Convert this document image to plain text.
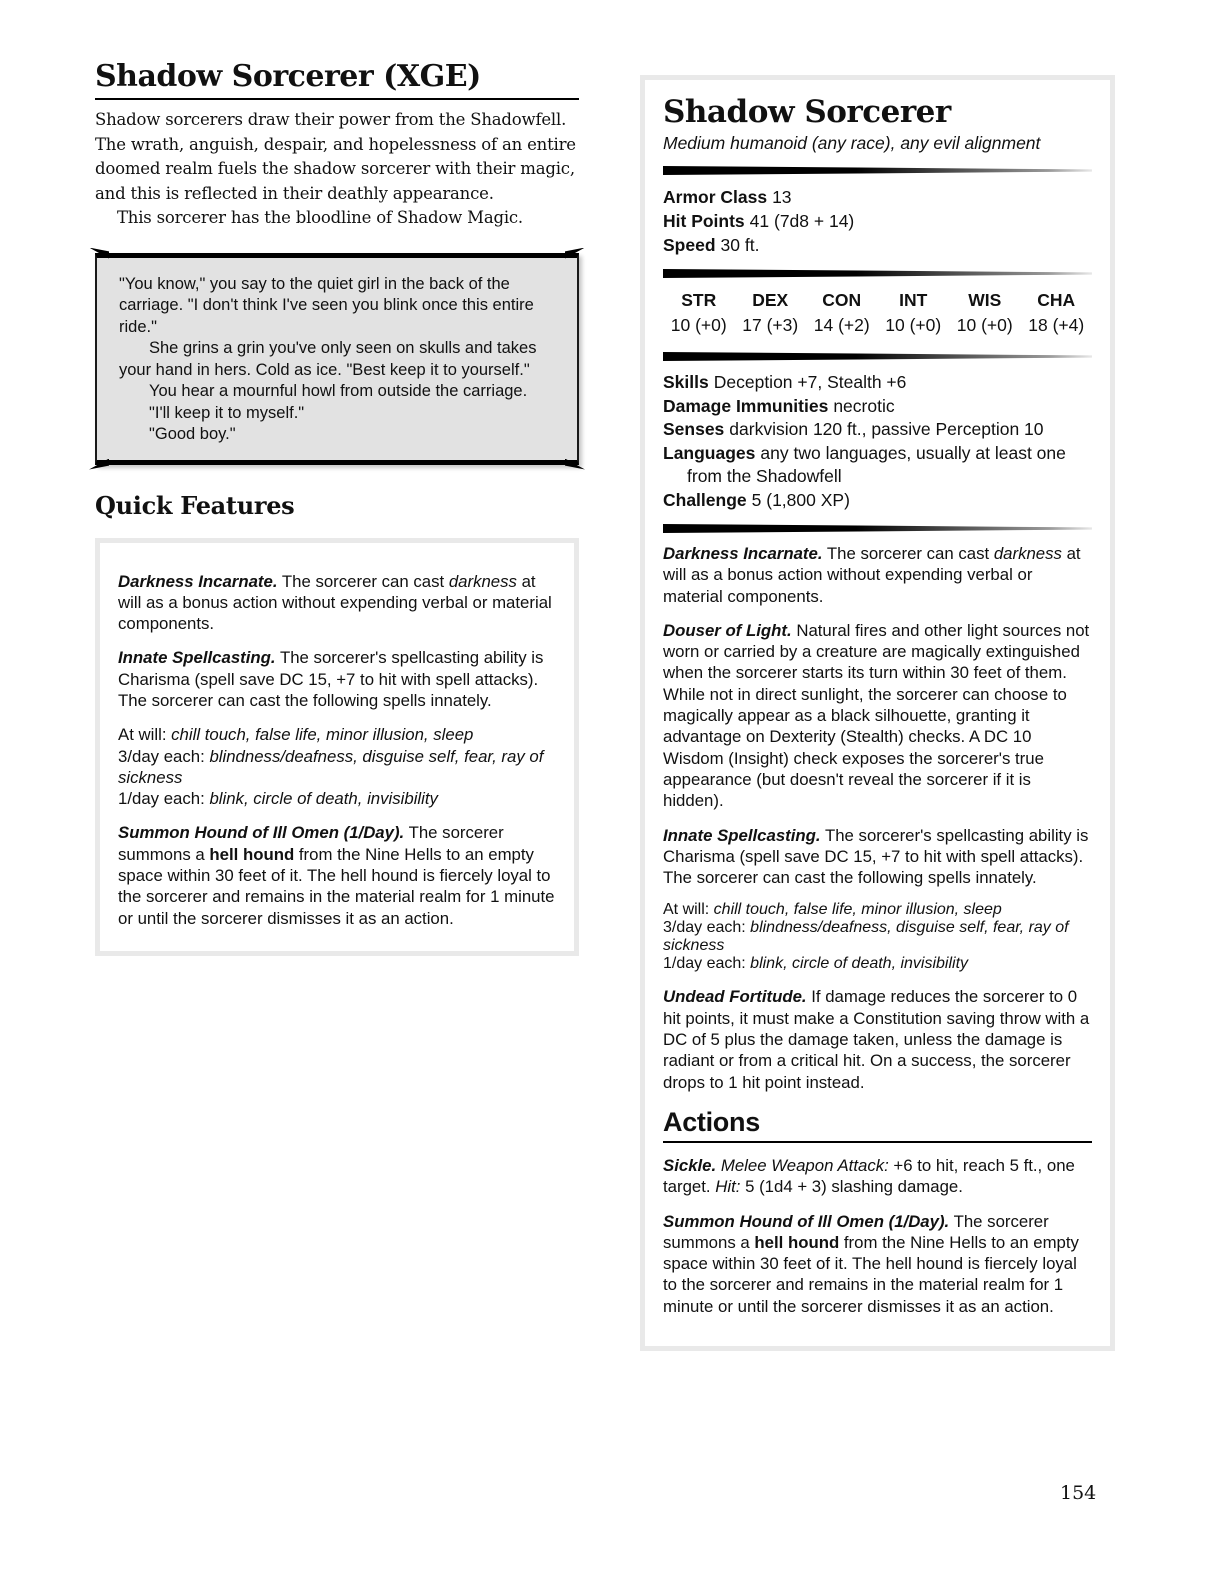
Shadow Sorcerer (XGE)

Shadow sorcerers draw their power from the Shadowfell. The wrath, anguish, despair, and hopelessness of an entire doomed realm fuels the shadow sorcerer with their magic, and this is reflected in their deathly appearance.

This sorcerer has the bloodline of Shadow Magic.

"You know," you say to the quiet girl in the back of the carriage. "I don't think I've seen you blink once this entire ride."

She grins a grin you've only seen on skulls and takes your hand in hers. Cold as ice. "Best keep it to yourself."

You hear a mournful howl from outside the carriage.

"I'll keep it to myself."

"Good boy."

Quick Features

Darkness Incarnate. The sorcerer can cast darkness at will as a bonus action without expending verbal or material components.

Innate Spellcasting. The sorcerer's spellcasting ability is Charisma (spell save DC 15, +7 to hit with spell attacks). The sorcerer can cast the following spells innately.

At will: chill touch, false life, minor illusion, sleep

3/day each: blindness/deafness, disguise self, fear, ray of sickness

1/day each: blink, circle of death, invisibility

Summon Hound of Ill Omen (1/Day). The sorcerer summons a hell hound from the Nine Hells to an empty space within 30 feet of it. The hell hound is fiercely loyal to the sorcerer and remains in the material realm for 1 minute or until the sorcerer dismisses it as an action.

Shadow Sorcerer

Medium humanoid (any race), any evil alignment

Armor Class 13

Hit Points 41 (7d8 + 14)

Speed 30 ft.

STR	DEX	CON	INT	WIS	CHA
10 (+0)	17 (+3)	14 (+2)	10 (+0)	10 (+0)	18 (+4)

Skills Deception +7, Stealth +6

Damage Immunities necrotic

Senses darkvision 120 ft., passive Perception 10

Languages any two languages, usually at least one from the Shadowfell

Challenge 5 (1,800 XP)

Darkness Incarnate. The sorcerer can cast darkness at will as a bonus action without expending verbal or material components.

Douser of Light. Natural fires and other light sources not worn or carried by a creature are magically extinguished when the sorcerer starts its turn within 30 feet of them. While not in direct sunlight, the sorcerer can choose to magically appear as a black silhouette, granting it advantage on Dexterity (Stealth) checks. A DC 10 Wisdom (Insight) check exposes the sorcerer's true appearance (but doesn't reveal the sorcerer if it is hidden).

Innate Spellcasting. The sorcerer's spellcasting ability is Charisma (spell save DC 15, +7 to hit with spell attacks). The sorcerer can cast the following spells innately.

At will: chill touch, false life, minor illusion, sleep

3/day each: blindness/deafness, disguise self, fear, ray of sickness

1/day each: blink, circle of death, invisibility

Undead Fortitude. If damage reduces the sorcerer to 0 hit points, it must make a Constitution saving throw with a DC of 5 plus the damage taken, unless the damage is radiant or from a critical hit. On a success, the sorcerer drops to 1 hit point instead.

Actions

Sickle. Melee Weapon Attack: +6 to hit, reach 5 ft., one target. Hit: 5 (1d4 + 3) slashing damage.

Summon Hound of Ill Omen (1/Day). The sorcerer summons a hell hound from the Nine Hells to an empty space within 30 feet of it. The hell hound is fiercely loyal to the sorcerer and remains in the material realm for 1 minute or until the sorcerer dismisses it as an action.

154
